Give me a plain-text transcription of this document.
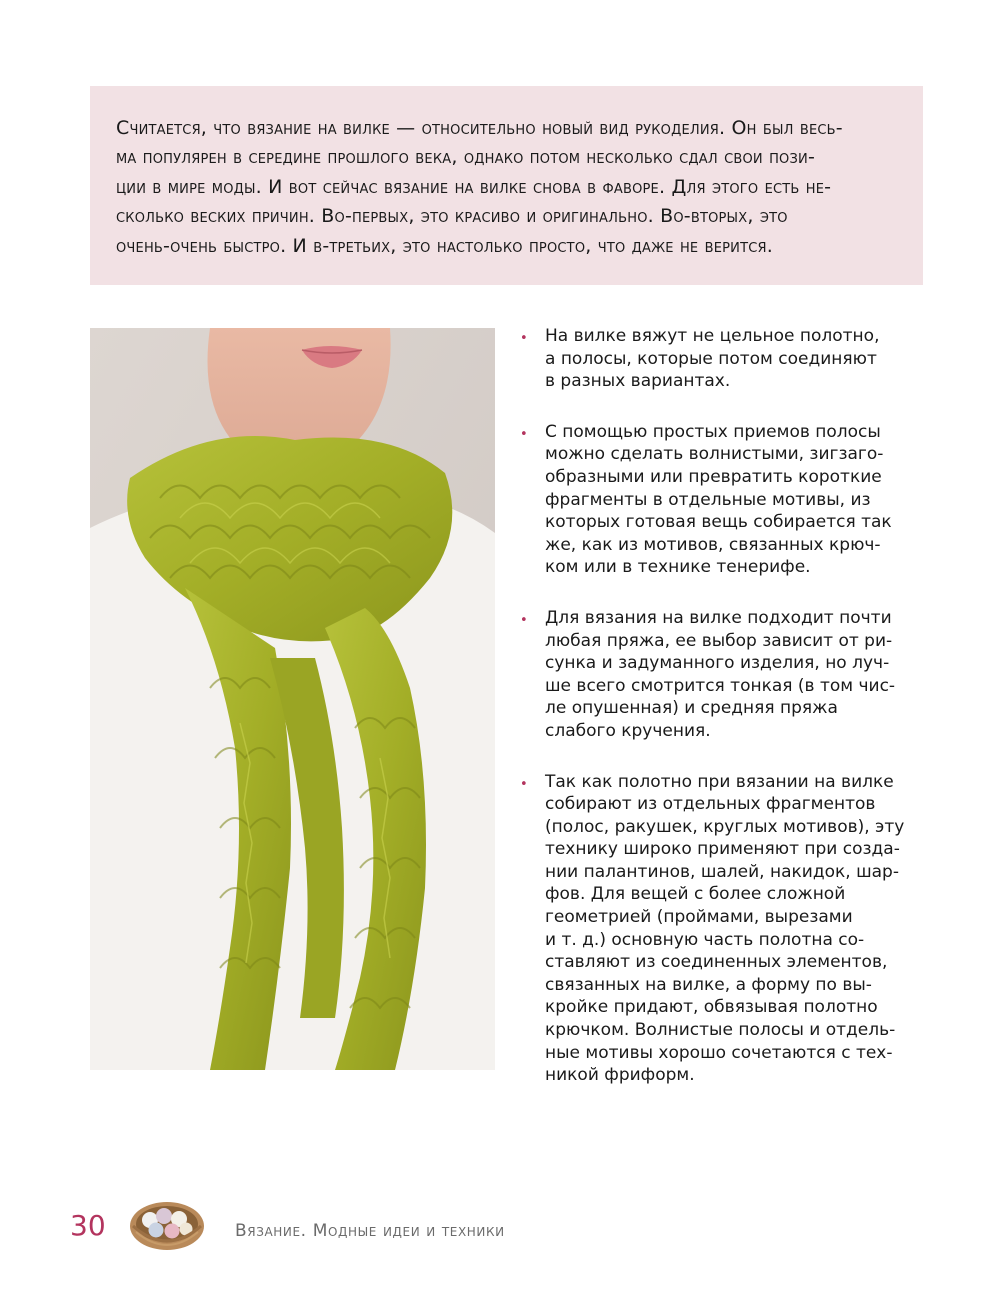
Считается, что вязание на вилке — относительно новый вид рукоделия. Он был весь-
ма популярен в середине прошлого века, однако потом несколько сдал свои пози-
ции в мире моды. И вот сейчас вязание на вилке снова в фаворе. Для этого есть не-
сколько веских причин. Во-первых, это красиво и оригинально. Во-вторых, это
очень-очень быстро. И в-третьих, это настолько просто, что даже не верится.
• На вилке вяжут не цельное полотно,
а полосы, которые потом соединяют
в разных вариантах.
• С помощью простых приемов полосы
можно сделать волнистыми, зигзаго-
образными или превратить короткие
фрагменты в отдельные мотивы, из
которых готовая вещь собирается так
же, как из мотивов, связанных крюч-
ком или в технике тенерифе.
• Для вязания на вилке подходит почти
любая пряжа, ее выбор зависит от ри-
сунка и задуманного изделия, но луч-
ше всего смотрится тонкая (в том чис-
ле опушенная) и средняя пряжа
слабого кручения.
• Так как полотно при вязании на вилке
собирают из отдельных фрагментов
(полос, ракушек, круглых мотивов), эту
технику широко применяют при созда-
нии палантинов, шалей, накидок, шар-
фов. Для вещей с более сложной
геометрией (проймами, вырезами
и т. д.) основную часть полотна со-
ставляют из соединенных элементов,
связанных на вилке, а форму по вы-
кройке придают, обвязывая полотно
крючком. Волнистые полосы и отдель-
ные мотивы хорошо сочетаются с тех-
никой фриформ.
30	Вязание. Модные идеи и техники
